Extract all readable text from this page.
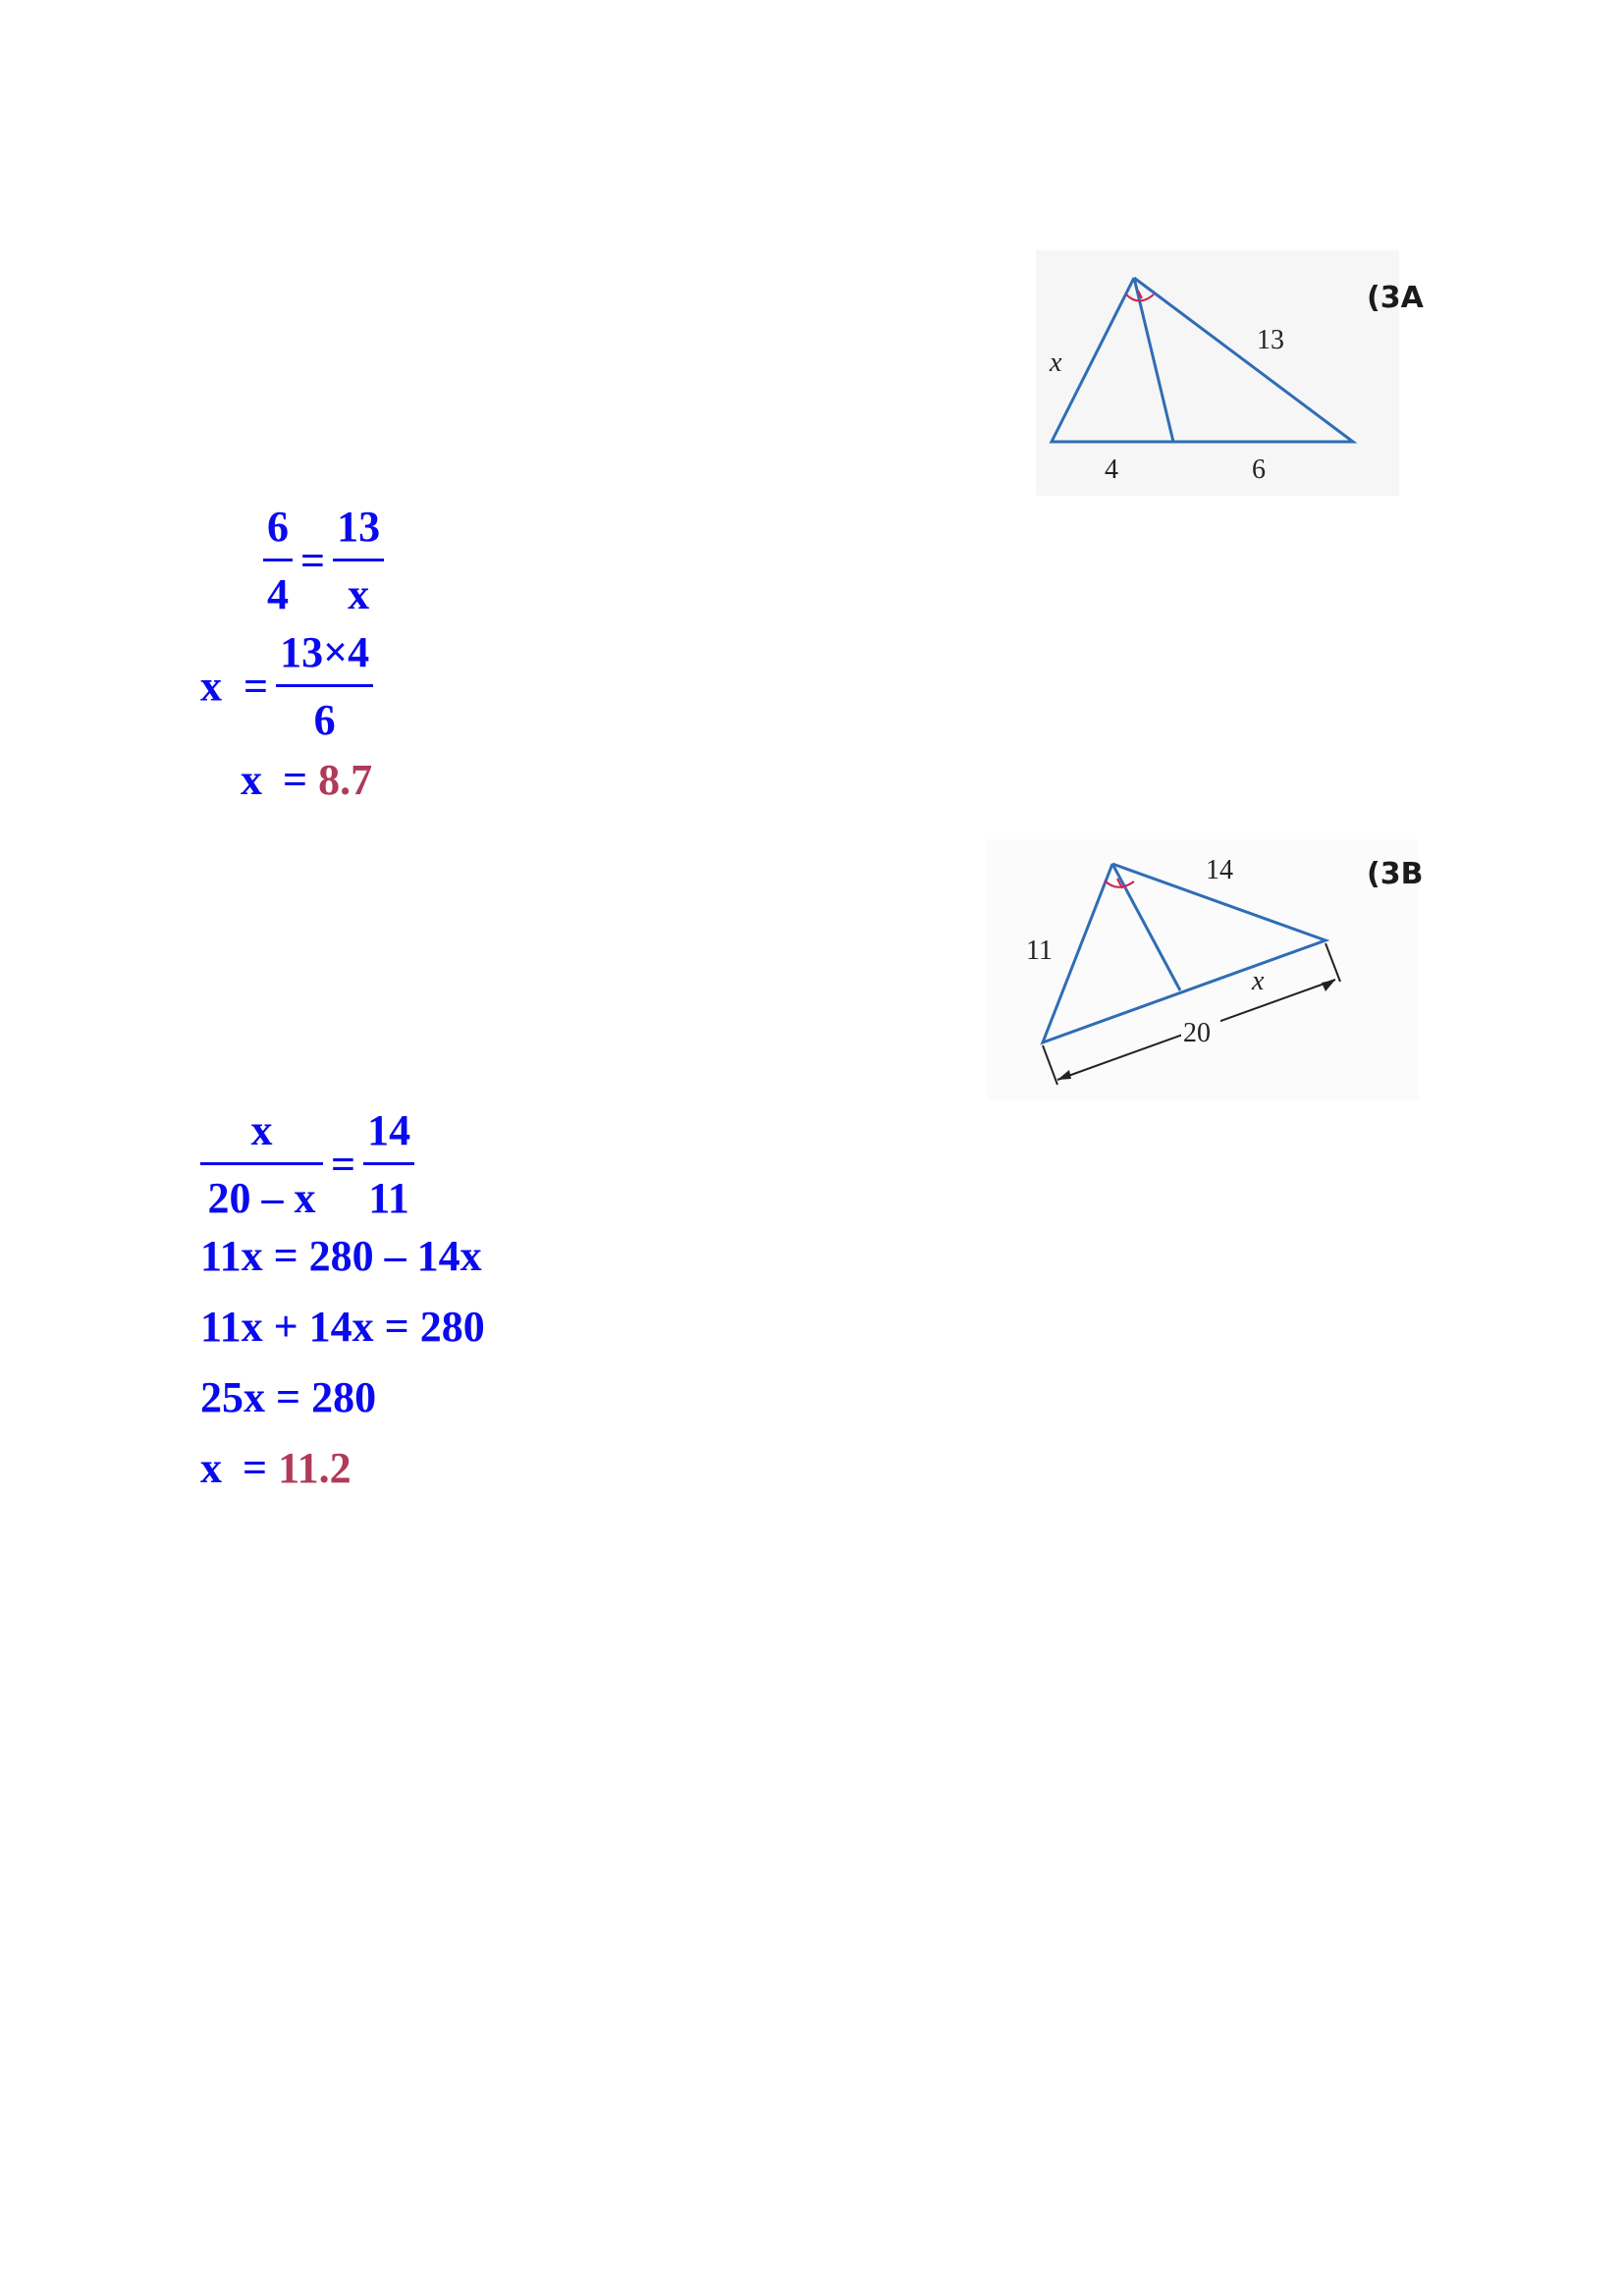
x
13
4	6
(3A
$\frac{6}{4} = \frac{13}{x}$
$x = \frac{13\times 4}{6}$
x = 8.7
11
14
x
20
(3B
$\frac{x}{20 - x} = \frac{14}{11}$
11x = 280 – 14x
11x + 14x = 280
25x = 280
x = 11.2
